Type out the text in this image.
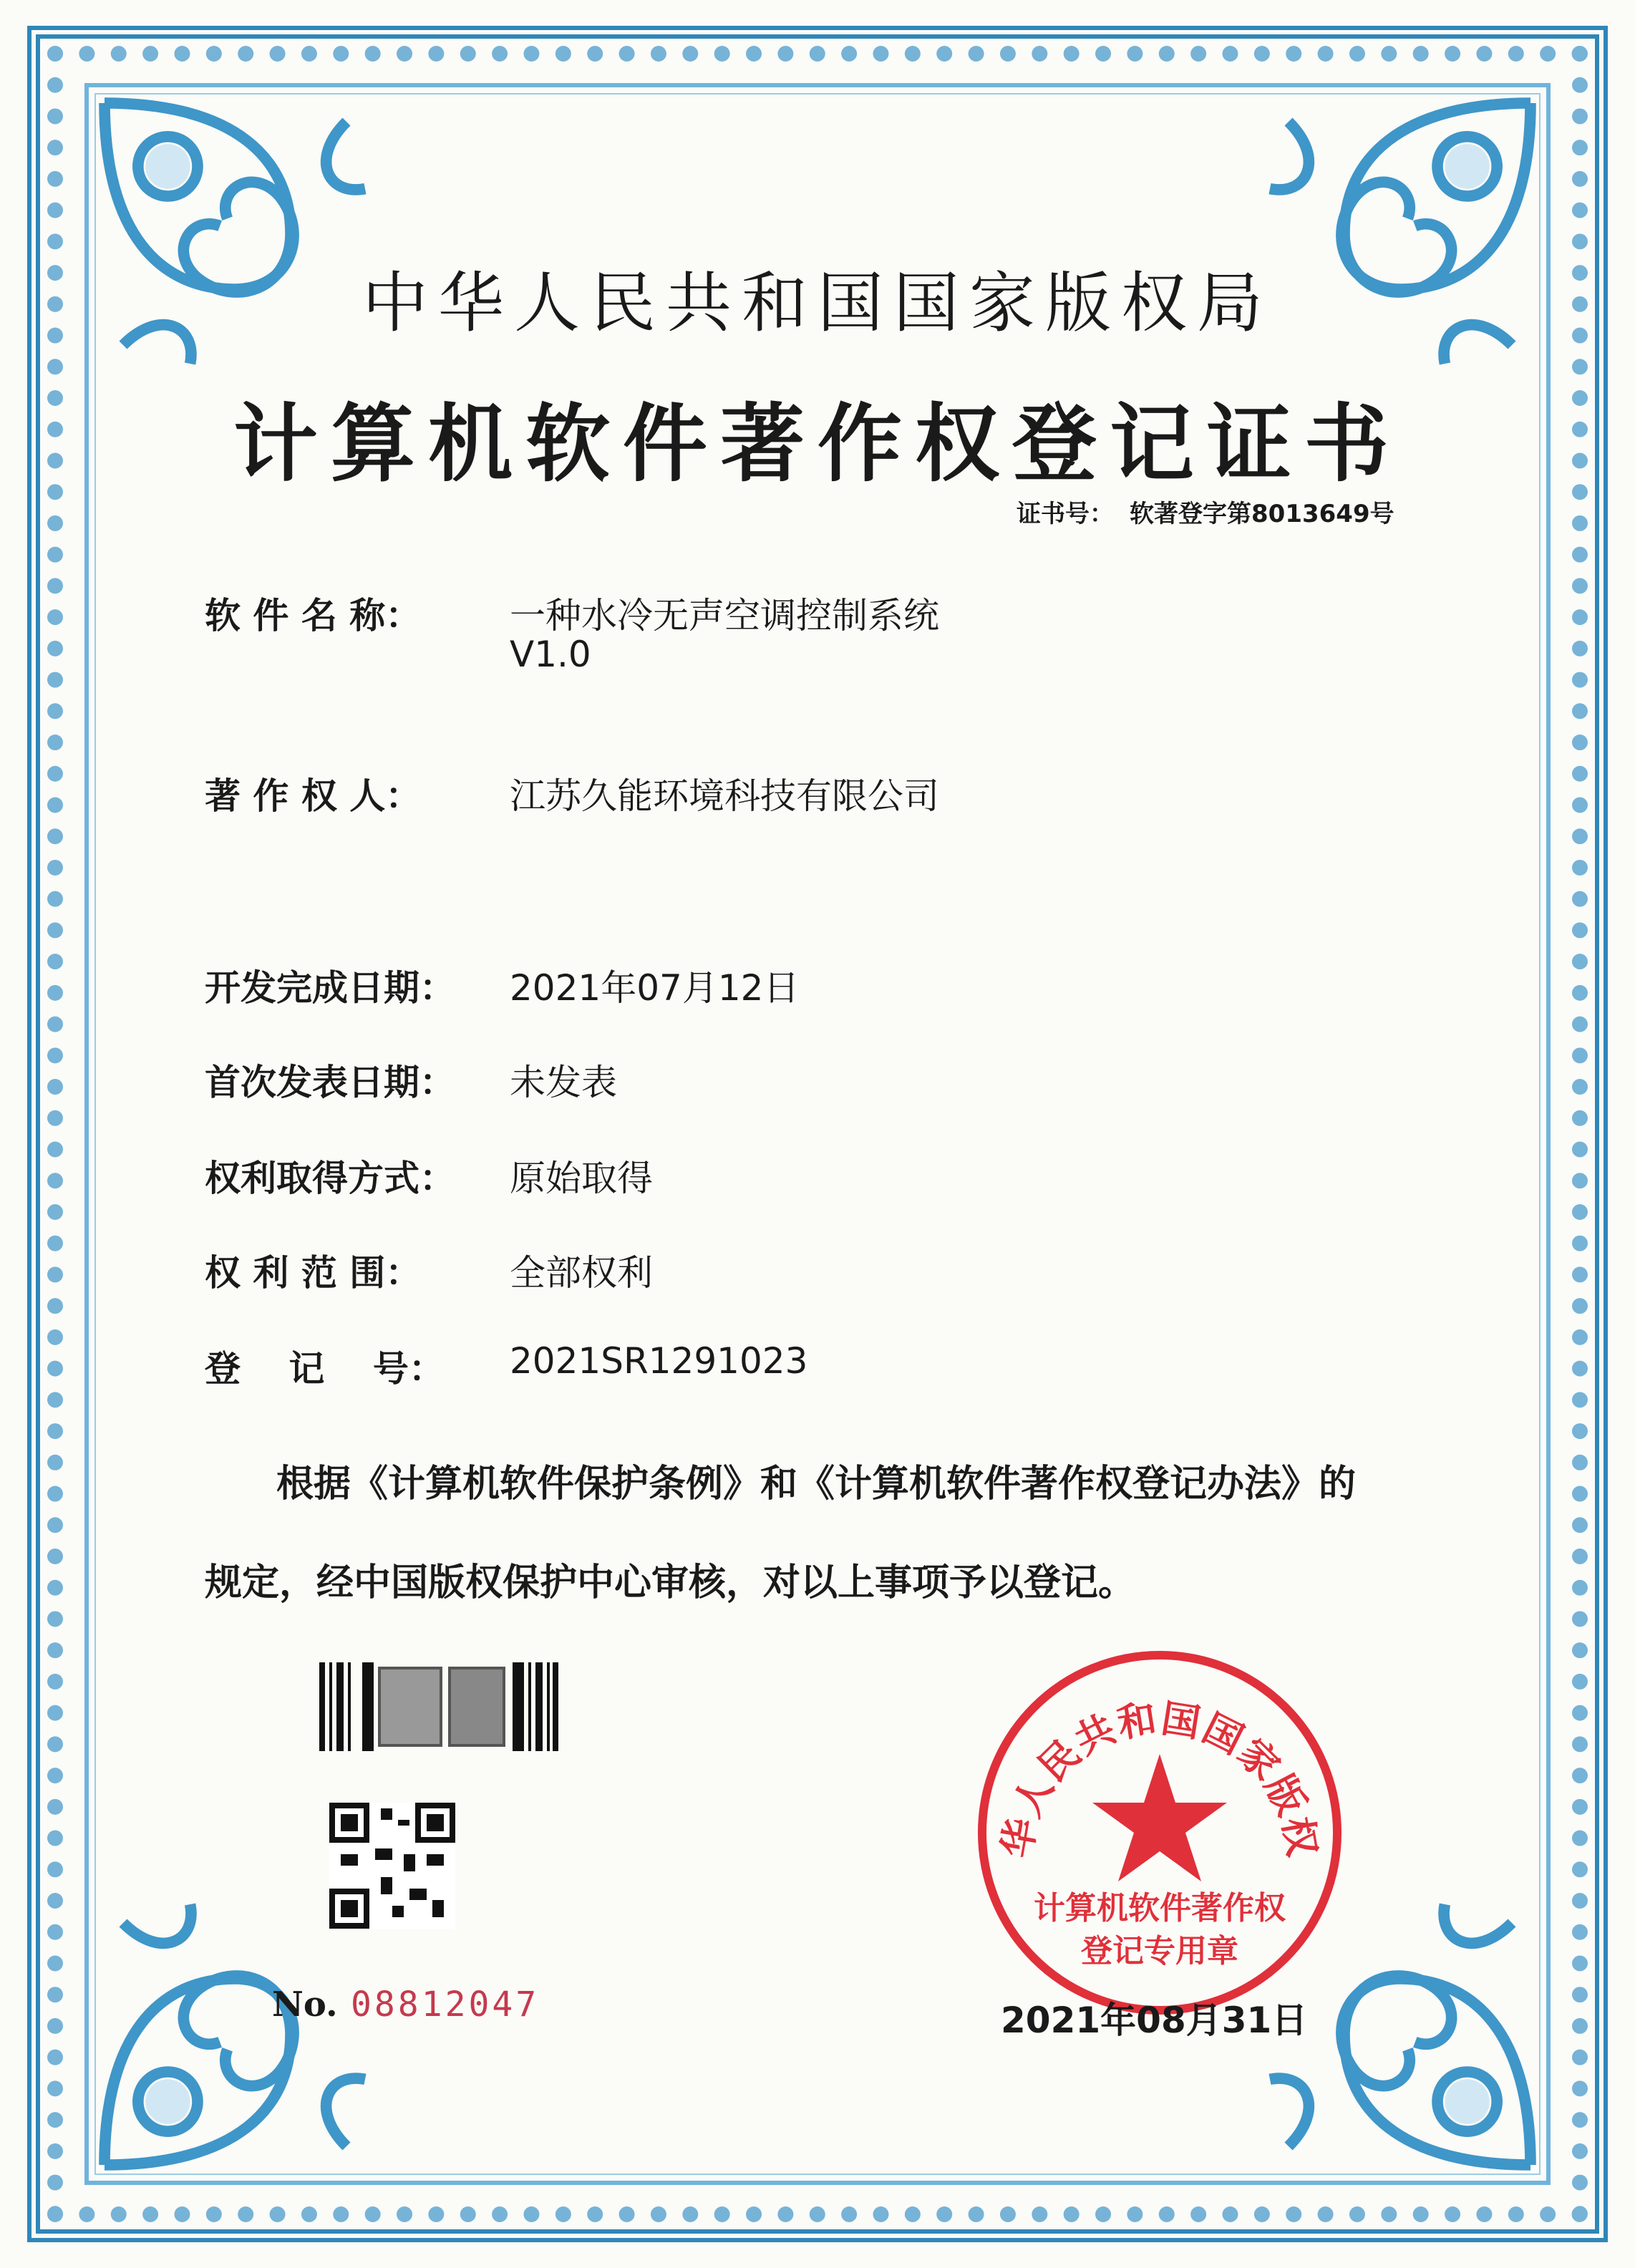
中华人民共和国国家版权局
计算机软件著作权登记证书
证书号： 软著登字第8013649号
软 件 名 称： 一种水冷无声空调控制系统
V1.0
著 作 权 人： 江苏久能环境科技有限公司
开发完成日期： 2021年07月12日
首次发表日期： 未发表
权利取得方式： 原始取得
权 利 范 围： 全部权利
登　 记　 号： 2021SR1291023
根据《计算机软件保护条例》和《计算机软件著作权登记办法》的
规定，经中国版权保护中心审核，对以上事项予以登记。
No. 08812047
华人民共和国国家版权
计算机软件著作权
登记专用章
2021年08月31日
